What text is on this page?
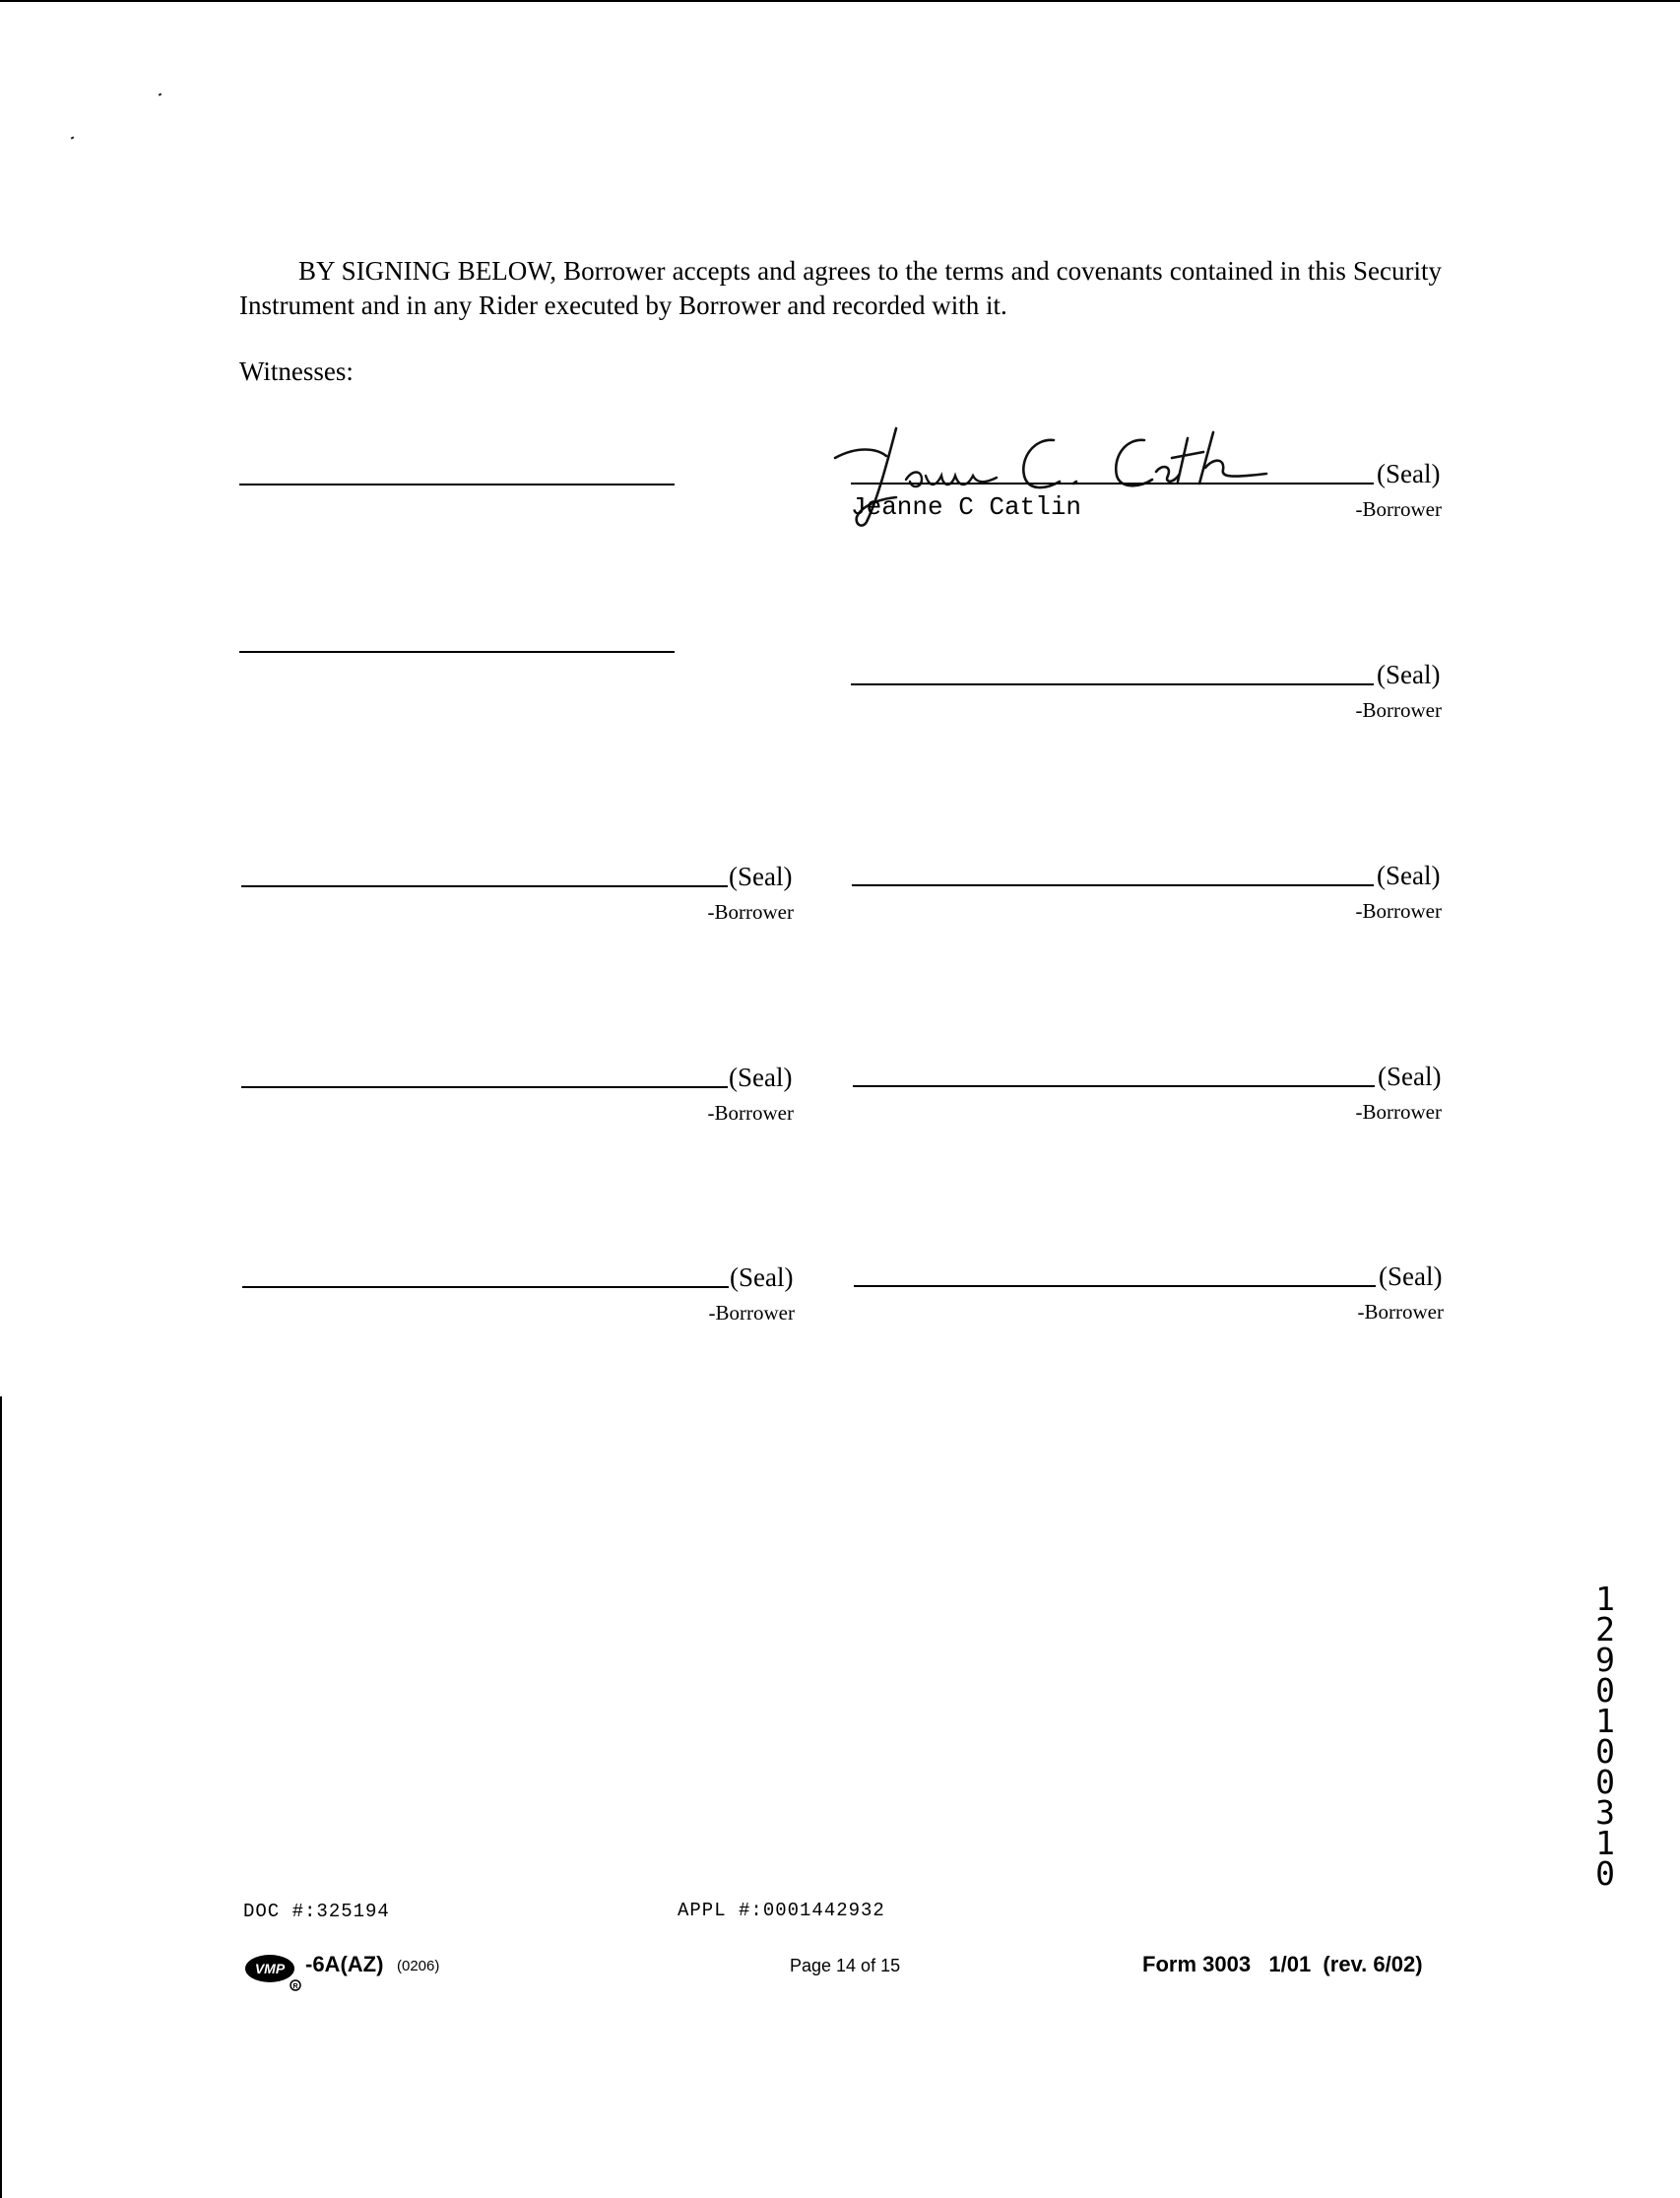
BY SIGNING BELOW, Borrower accepts and agrees to the terms and covenants contained in this Security Instrument and in any Rider executed by Borrower and recorded with it.

Witnesses:
(Seal)
Jeanne C Catlin	-Borrower
(Seal)
-Borrower
(Seal)
-Borrower
(Seal)
-Borrower
(Seal)
-Borrower
(Seal)
-Borrower
(Seal)
-Borrower
(Seal)
-Borrower
DOC #:325194	APPL #:0001442932
VMP
R
-6A(AZ) (0206)	Page 14 of 15	Form 3003   1/01  (rev. 6/02)
12901 00310
